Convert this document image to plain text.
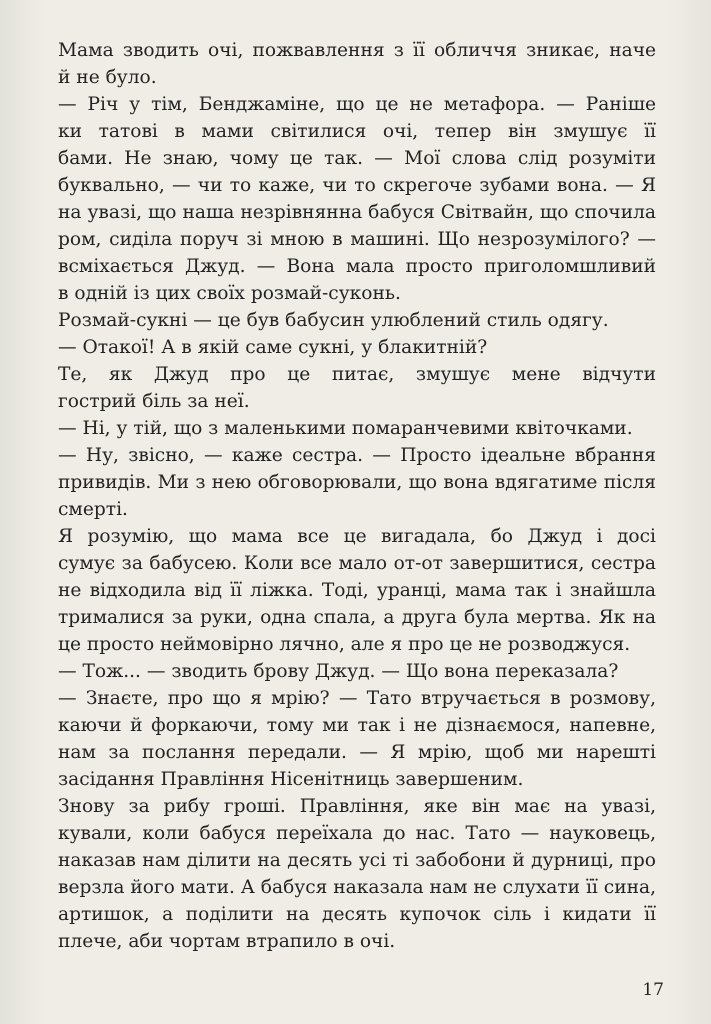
Мама зводить очі, пожвавлення з її обличчя зникає, наче
й не було.
— Річ у тім, Бенджаміне, що це не метафора. — Раніше
ки татові в мами світилися очі, тепер він змушує її
бами. Не знаю, чому це так. — Мої слова слід розуміти
буквально, — чи то каже, чи то скрегоче зубами вона. — Я
на увазі, що наша незрівнянна бабуся Світвайн, що спочила
ром, сиділа поруч зі мною в машині. Що незрозумілого? —
всміхається Джуд. — Вона мала просто приголомшливий
в одній із цих своїх розмай-суконь.
Розмай-сукні — це був бабусин улюблений стиль одягу.
— Отакої! А в якій саме сукні, у блакитній?
Те, як Джуд про це питає, змушує мене відчути
гострий біль за неї.
— Ні, у тій, що з маленькими помаранчевими квіточками.
— Ну, звісно, — каже сестра. — Просто ідеальне вбрання
привидів. Ми з нею обговорювали, що вона вдягатиме після
смерті.
Я розумію, що мама все це вигадала, бо Джуд і досі
сумує за бабусею. Коли все мало от-от завершитися, сестра
не відходила від її ліжка. Тоді, уранці, мама так і знайшла
трималися за руки, одна спала, а друга була мертва. Як на
це просто неймовірно лячно, але я про це не розводжуся.
— Тож... — зводить брову Джуд. — Що вона переказала?
— Знаєте, про що я мрію? — Тато втручається в розмову,
каючи й форкаючи, тому ми так і не дізнаємося, напевне,
нам за послання передали. — Я мрію, щоб ми нарешті
засідання Правління Нісенітниць завершеним.
Знову за рибу гроші. Правління, яке він має на увазі,
кували, коли бабуся переїхала до нас. Тато — науковець,
наказав нам ділити на десять усі ті забобони й дурниці, про
верзла його мати. А бабуся наказала нам не слухати її сина,
артишок, а поділити на десять купочок сіль і кидати її
плече, аби чортам втрапило в очі.
17
